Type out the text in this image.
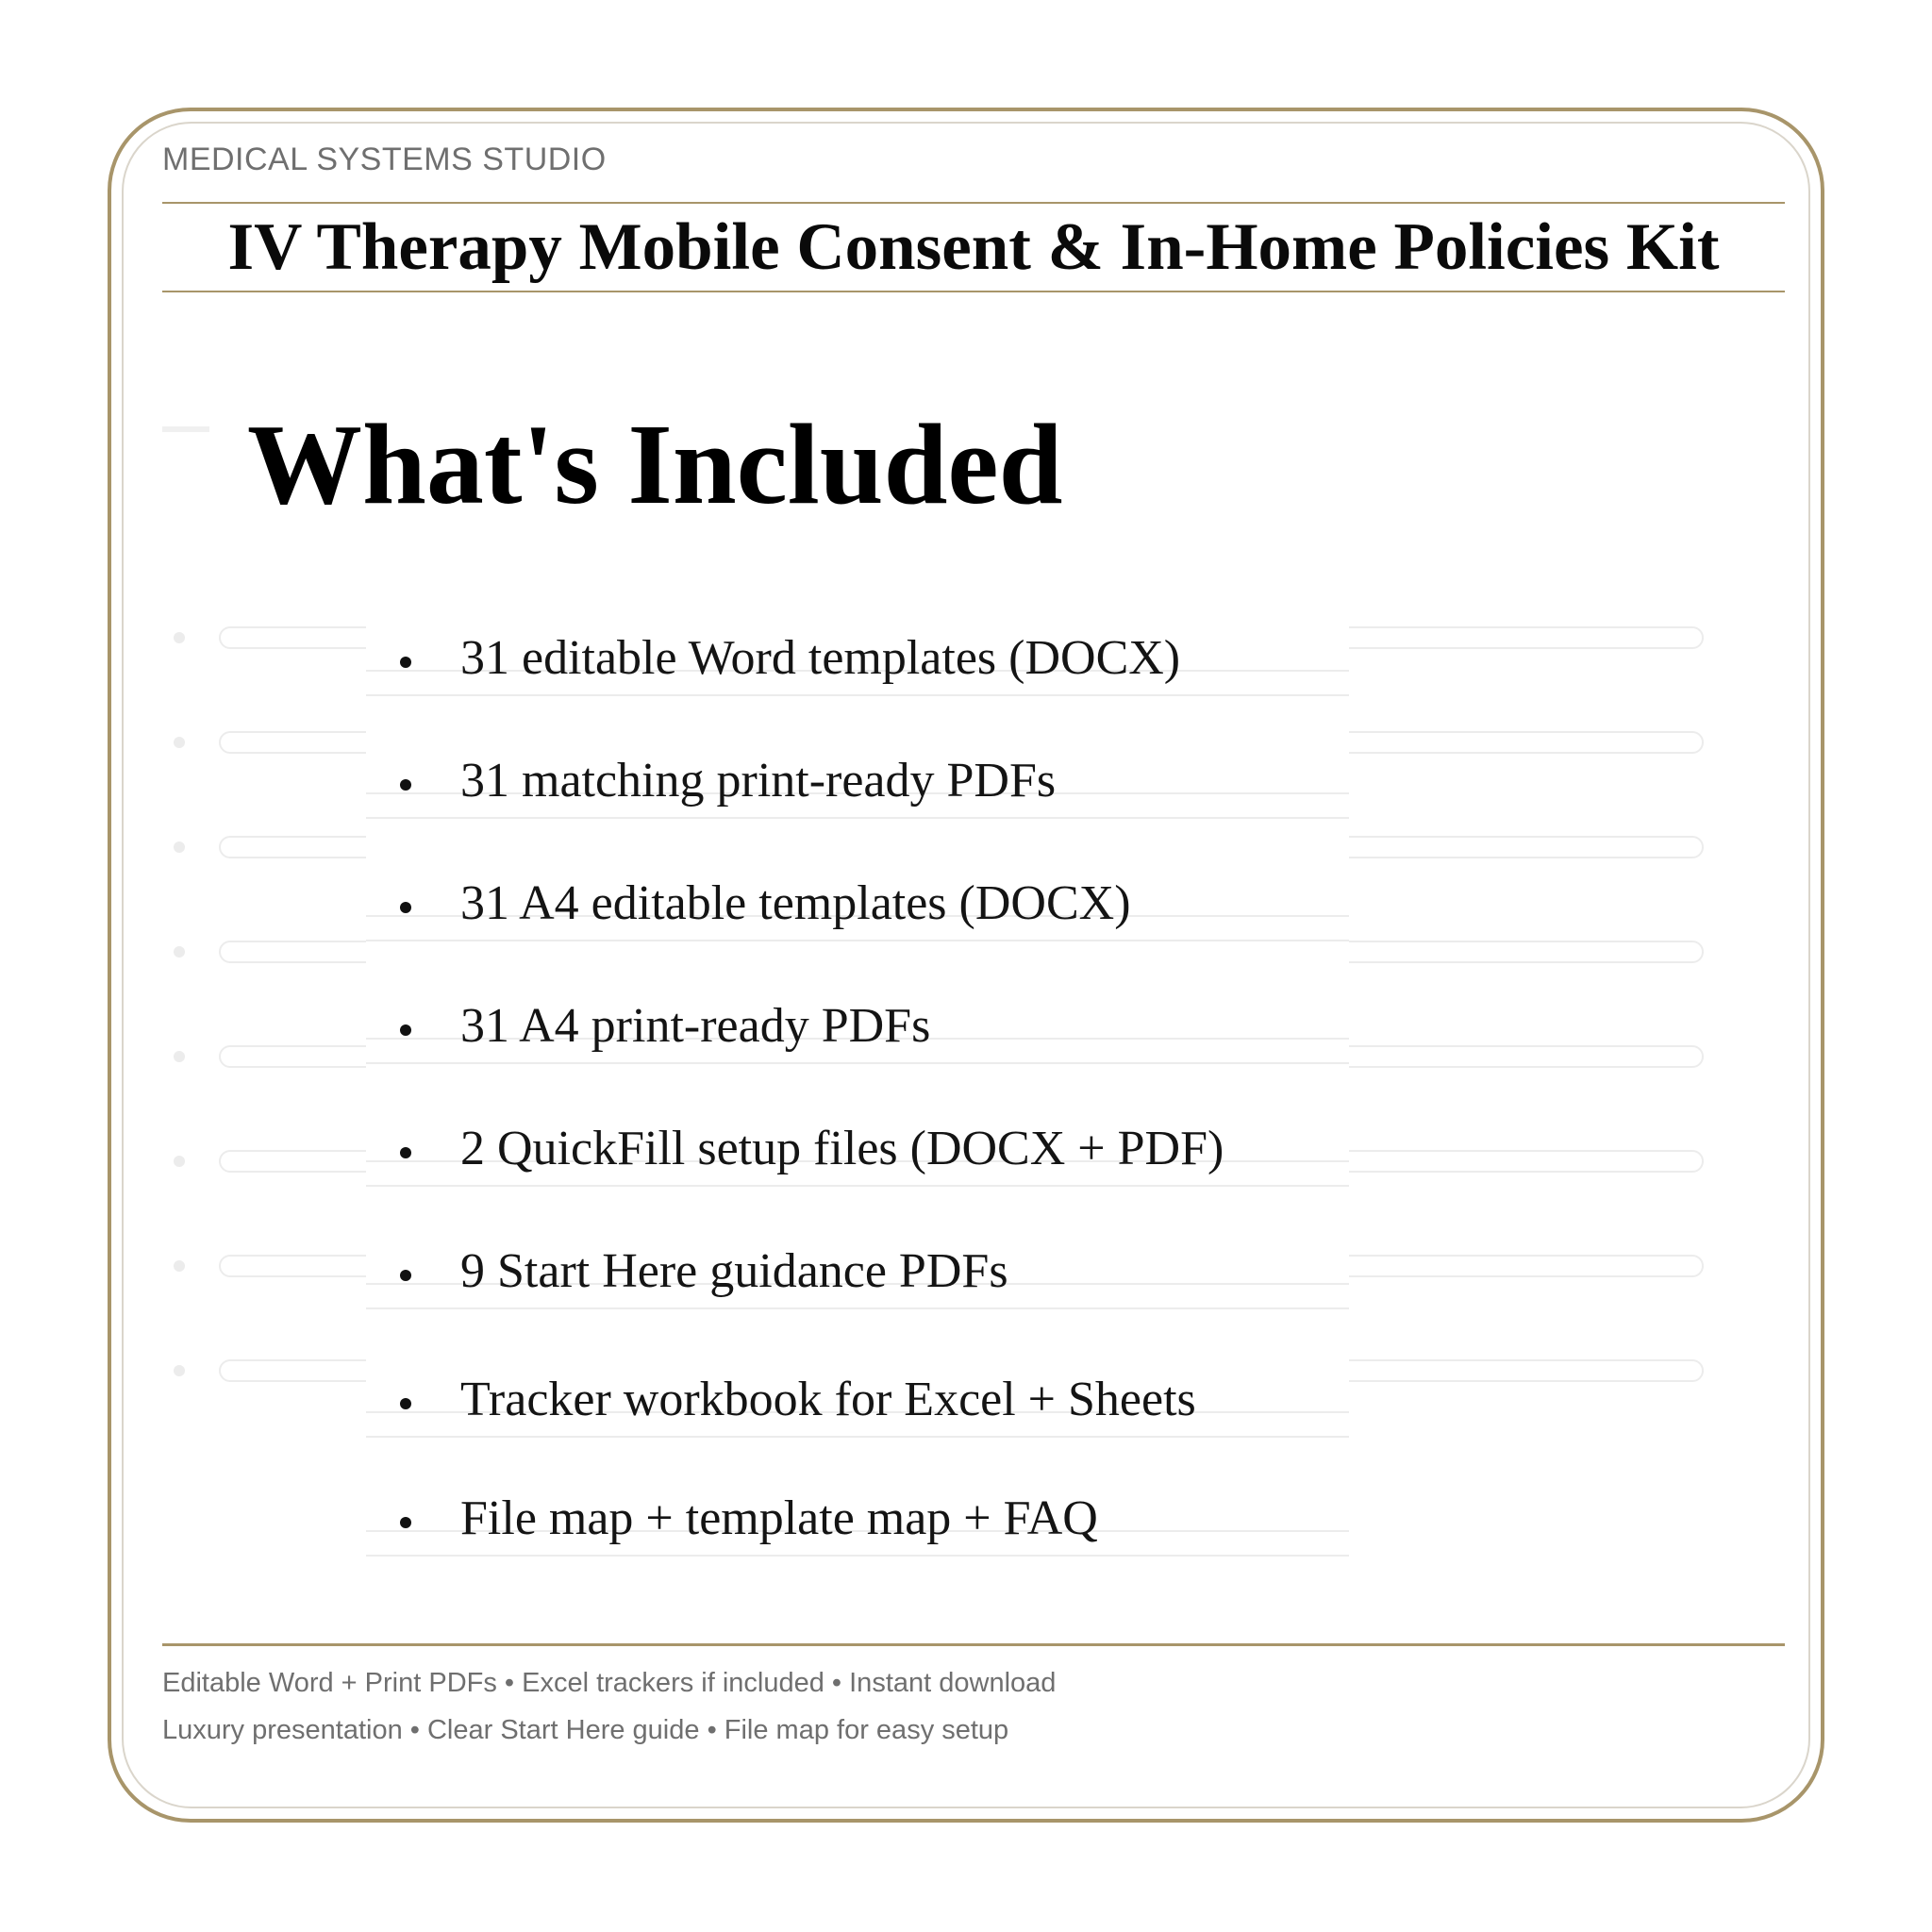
MEDICAL SYSTEMS STUDIO
IV Therapy Mobile Consent & In-Home Policies Kit
What's Included
31 editable Word templates (DOCX)
31 matching print-ready PDFs
31 A4 editable templates (DOCX)
31 A4 print-ready PDFs
2 QuickFill setup files (DOCX + PDF)
9 Start Here guidance PDFs
Tracker workbook for Excel + Sheets
File map + template map + FAQ
Editable Word + Print PDFs • Excel trackers if included • Instant download
Luxury presentation • Clear Start Here guide • File map for easy setup
